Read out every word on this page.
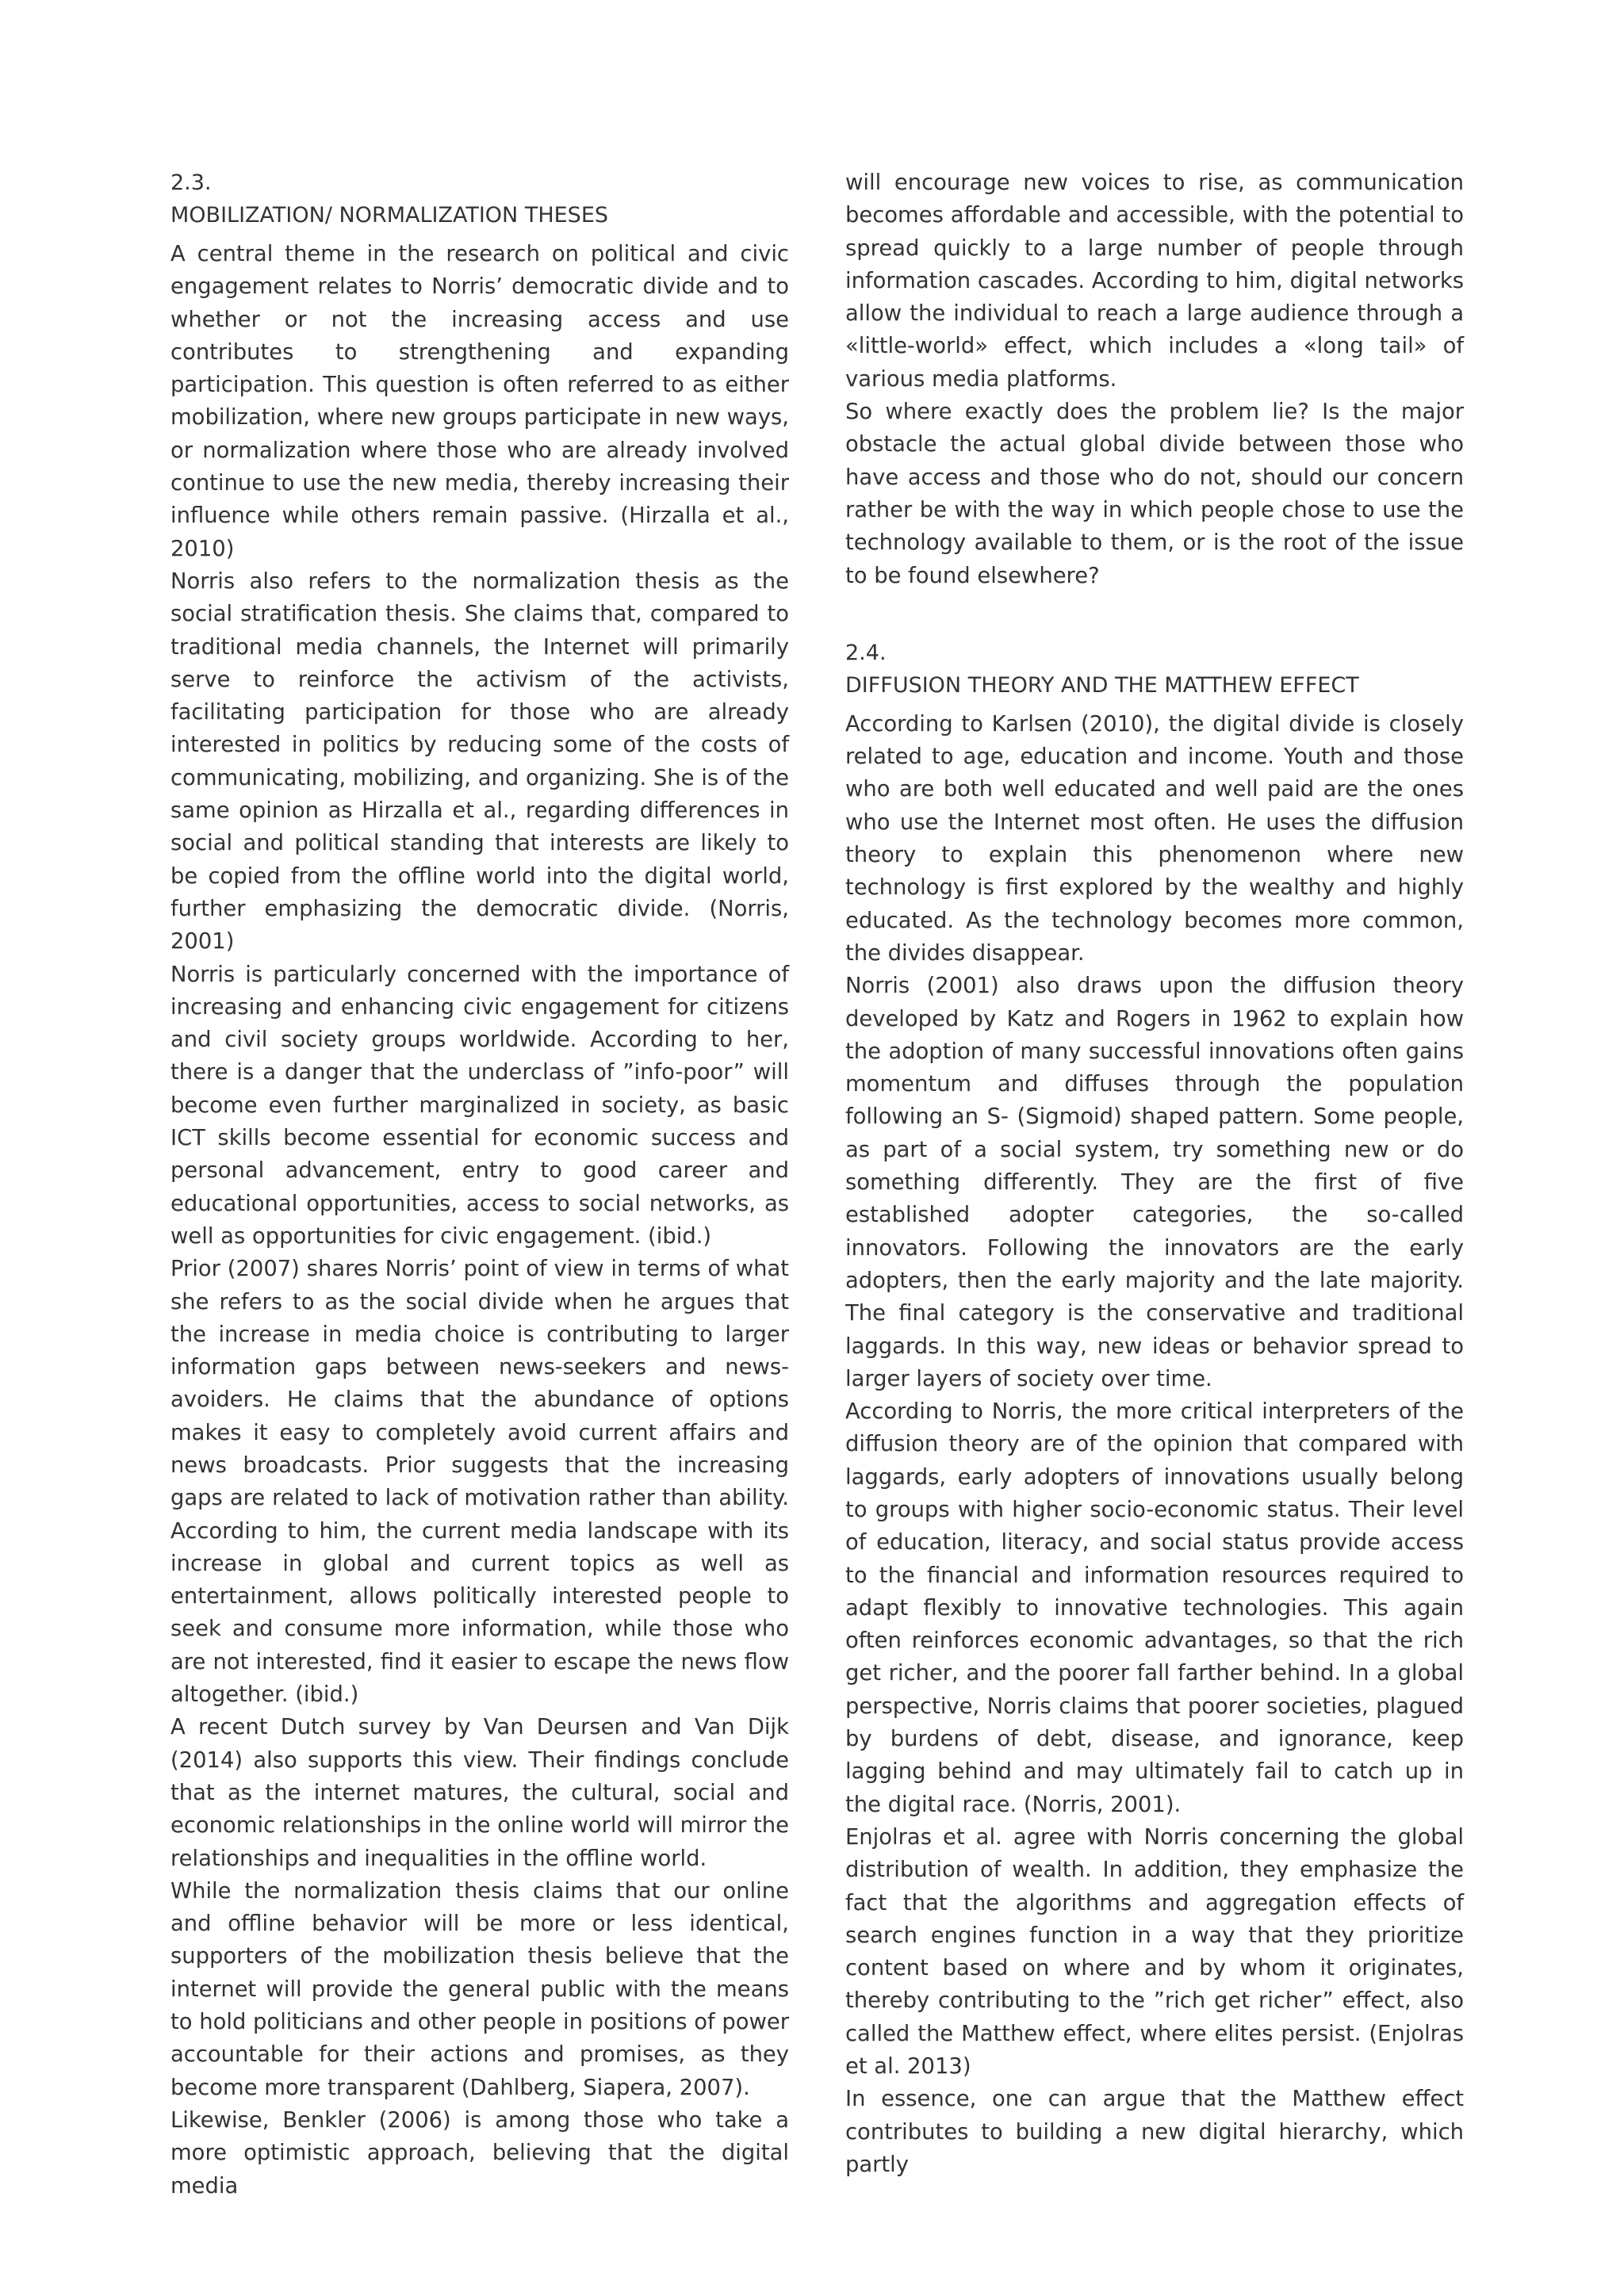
2.3.
MOBILIZATION/ NORMALIZATION THESES

A central theme in the research on political and civic engagement relates to Norris’ democratic divide and to whether or not the increasing access and use contributes to strengthening and expanding participation. This question is often referred to as either mobilization, where new groups participate in new ways, or normalization where those who are already involved continue to use the new media, thereby increasing their influence while others remain passive. (Hirzalla et al., 2010)

Norris also refers to the normalization thesis as the social stratification thesis. She claims that, compared to traditional media channels, the Internet will primarily serve to reinforce the activism of the activists, facilitating participation for those who are already interested in politics by reducing some of the costs of communicating, mobilizing, and organizing. She is of the same opinion as Hirzalla et al., regarding differences in social and political standing that interests are likely to be copied from the offline world into the digital world, further emphasizing the democratic divide. (Norris, 2001)

Norris is particularly concerned with the importance of increasing and enhancing civic engagement for citizens and civil society groups worldwide. According to her, there is a danger that the underclass of ”info-poor” will become even further marginalized in society, as basic ICT skills become essential for economic success and personal advancement, entry to good career and educational opportunities, access to social networks, as well as opportunities for civic engagement. (ibid.)

Prior (2007) shares Norris’ point of view in terms of what she refers to as the social divide when he argues that the increase in media choice is contributing to larger information gaps between news-seekers and news-avoiders. He claims that the abundance of options makes it easy to completely avoid current affairs and news broadcasts. Prior suggests that the increasing gaps are related to lack of motivation rather than ability. According to him, the current media landscape with its increase in global and current topics as well as entertainment, allows politically interested people to seek and consume more information, while those who are not interested, find it easier to escape the news flow altogether. (ibid.)

A recent Dutch survey by Van Deursen and Van Dijk (2014) also supports this view. Their findings conclude that as the internet matures, the cultural, social and economic relationships in the online world will mirror the relationships and inequalities in the offline world.

While the normalization thesis claims that our online and offline behavior will be more or less identical, supporters of the mobilization thesis believe that the internet will provide the general public with the means to hold politicians and other people in positions of power accountable for their actions and promises, as they become more transparent (Dahlberg, Siapera, 2007).

Likewise, Benkler (2006) is among those who take a more optimistic approach, believing that the digital media

will encourage new voices to rise, as communication becomes affordable and accessible, with the potential to spread quickly to a large number of people through information cascades. According to him, digital networks allow the individual to reach a large audience through a «little-world» effect, which includes a «long tail» of various media platforms.

So where exactly does the problem lie? Is the major obstacle the actual global divide between those who have access and those who do not, should our concern rather be with the way in which people chose to use the technology available to them, or is the root of the issue to be found elsewhere?

2.4.
DIFFUSION THEORY AND THE MATTHEW EFFECT

According to Karlsen (2010), the digital divide is closely related to age, education and income. Youth and those who are both well educated and well paid are the ones who use the Internet most often. He uses the diffusion theory to explain this phenomenon where new technology is first explored by the wealthy and highly educated. As the technology becomes more common, the divides disappear.

Norris (2001) also draws upon the diffusion theory developed by Katz and Rogers in 1962 to explain how the adoption of many successful innovations often gains momentum and diffuses through the population following an S- (Sigmoid) shaped pattern. Some people, as part of a social system, try something new or do something differently. They are the first of five established adopter categories, the so-called innovators. Following the innovators are the early adopters, then the early majority and the late majority. The final category is the conservative and traditional laggards. In this way, new ideas or behavior spread to larger layers of society over time.

According to Norris, the more critical interpreters of the diffusion theory are of the opinion that compared with laggards, early adopters of innovations usually belong to groups with higher socio-economic status. Their level of education, literacy, and social status provide access to the financial and information resources required to adapt flexibly to innovative technologies. This again often reinforces economic advantages, so that the rich get richer, and the poorer fall farther behind. In a global perspective, Norris claims that poorer societies, plagued by burdens of debt, disease, and ignorance, keep lagging behind and may ultimately fail to catch up in the digital race. (Norris, 2001).

Enjolras et al. agree with Norris concerning the global distribution of wealth. In addition, they emphasize the fact that the algorithms and aggregation effects of search engines function in a way that they prioritize content based on where and by whom it originates, thereby contributing to the ”rich get richer” effect, also called the Matthew effect, where elites persist. (Enjolras et al. 2013)

In essence, one can argue that the Matthew effect contributes to building a new digital hierarchy, which partly
